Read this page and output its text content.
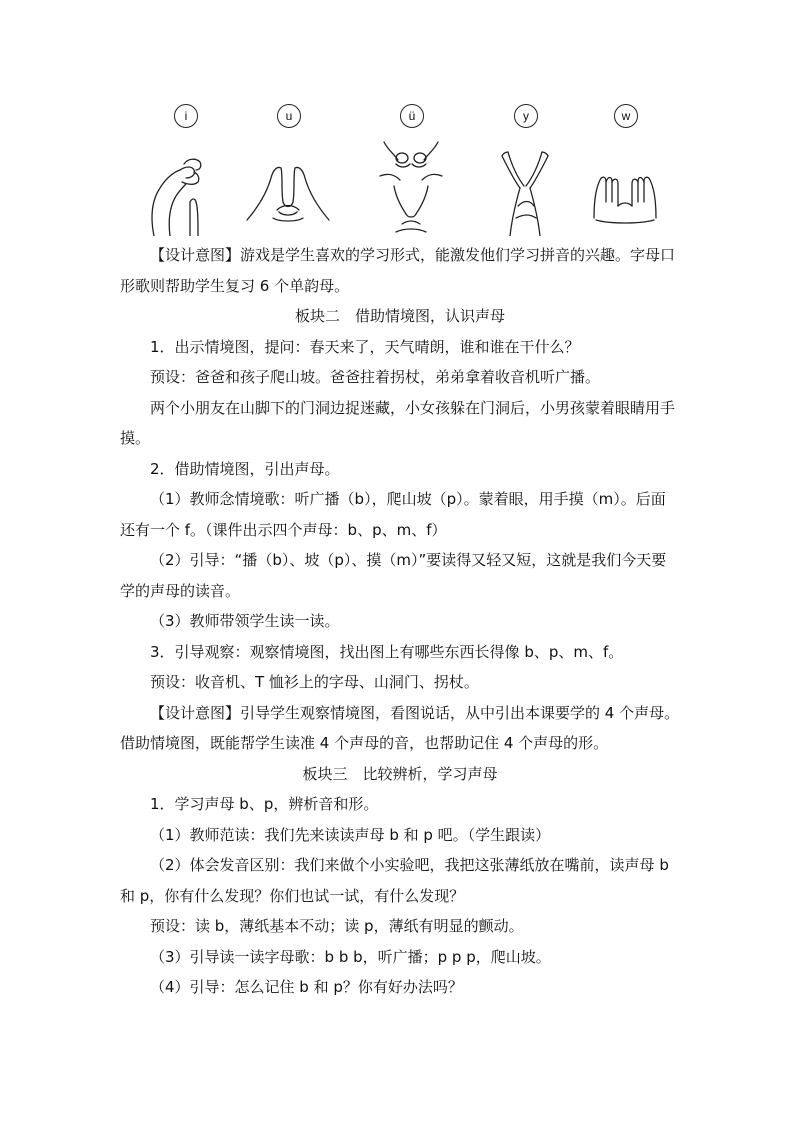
i	u	ü	y	w

【设计意图】游戏是学生喜欢的学习形式，能激发他们学习拼音的兴趣。字母口形歌则帮助学生复习 6 个单韵母。

板块二　借助情境图，认识声母

1．出示情境图，提问：春天来了，天气晴朗，谁和谁在干什么？

预设：爸爸和孩子爬山坡。爸爸拄着拐杖，弟弟拿着收音机听广播。

两个小朋友在山脚下的门洞边捉迷藏，小女孩躲在门洞后，小男孩蒙着眼睛用手摸。

2．借助情境图，引出声母。

（1）教师念情境歌：听广播（b），爬山坡（p）。蒙着眼，用手摸（m）。后面还有一个 f。（课件出示四个声母：b、p、m、f）

（2）引导：“播（b）、坡（p）、摸（m）”要读得又轻又短，这就是我们今天要学的声母的读音。

（3）教师带领学生读一读。

3．引导观察：观察情境图，找出图上有哪些东西长得像 b、p、m、f。

预设：收音机、T 恤衫上的字母、山洞门、拐杖。

【设计意图】引导学生观察情境图，看图说话，从中引出本课要学的 4 个声母。借助情境图，既能帮学生读准 4 个声母的音，也帮助记住 4 个声母的形。

板块三　比较辨析，学习声母

1．学习声母 b、p，辨析音和形。

（1）教师范读：我们先来读读声母 b 和 p 吧。（学生跟读）

（2）体会发音区别：我们来做个小实验吧，我把这张薄纸放在嘴前，读声母 b 和 p，你有什么发现？你们也试一试，有什么发现？

预设：读 b，薄纸基本不动；读 p，薄纸有明显的颤动。

（3）引导读一读字母歌：b b b，听广播；p p p，爬山坡。

（4）引导：怎么记住 b 和 p？你有好办法吗？
